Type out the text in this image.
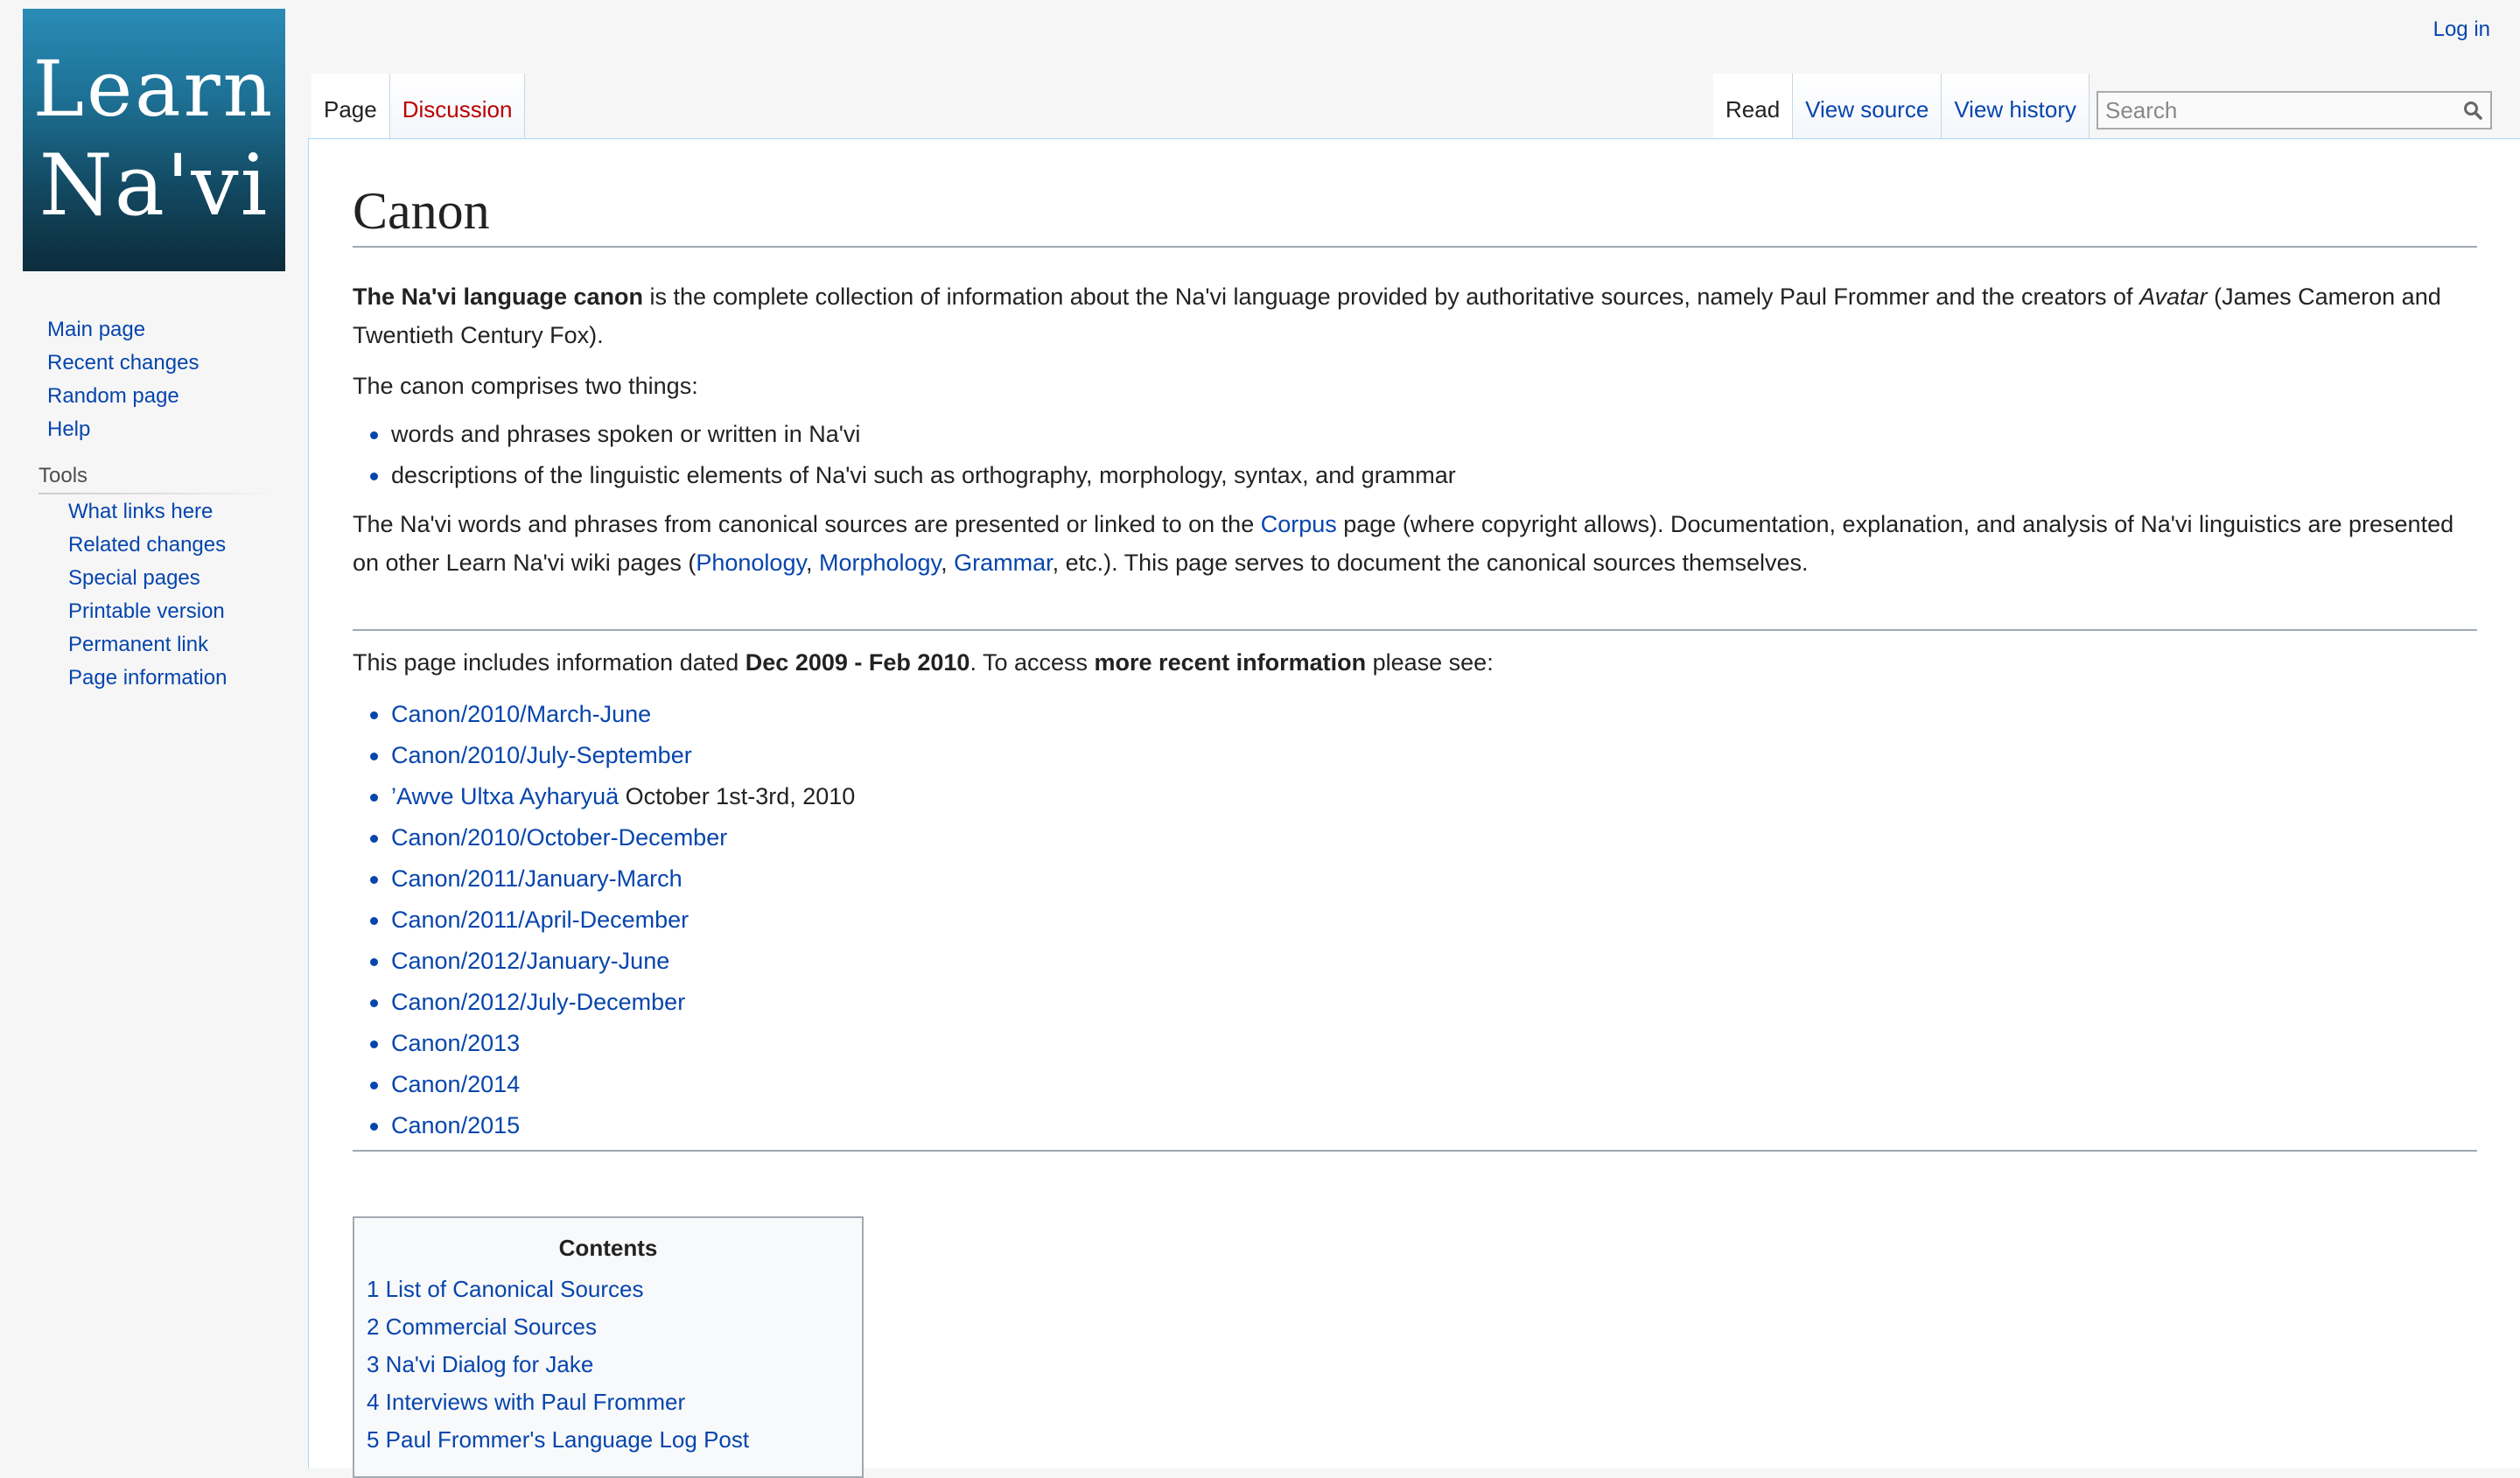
Learn
Na'vi
Log in
Page Discussion	Read View source View history
Search
Main page
Recent changes
Random page
Help
Tools
What links here
Related changes
Special pages
Printable version
Permanent link
Page information
Canon

The Na'vi language canon is the complete collection of information about the Na'vi language provided by authoritative sources, namely Paul Frommer and the creators of Avatar (James Cameron and Twentieth Century Fox).

The canon comprises two things:

words and phrases spoken or written in Na'vi
descriptions of the linguistic elements of Na'vi such as orthography, morphology, syntax, and grammar

The Na'vi words and phrases from canonical sources are presented or linked to on the Corpus page (where copyright allows). Documentation, explanation, and analysis of Na'vi linguistics are presented on other Learn Na'vi wiki pages (Phonology, Morphology, Grammar, etc.). This page serves to document the canonical sources themselves.

This page includes information dated Dec 2009 - Feb 2010. To access more recent information please see:

Canon/2010/March-June
Canon/2010/July-September
’Awve Ultxa Ayharyuä October 1st-3rd, 2010
Canon/2010/October-December
Canon/2011/January-March
Canon/2011/April-December
Canon/2012/January-June
Canon/2012/July-December
Canon/2013
Canon/2014
Canon/2015
Contents
1 List of Canonical Sources
2 Commercial Sources
3 Na'vi Dialog for Jake
4 Interviews with Paul Frommer
5 Paul Frommer's Language Log Post
